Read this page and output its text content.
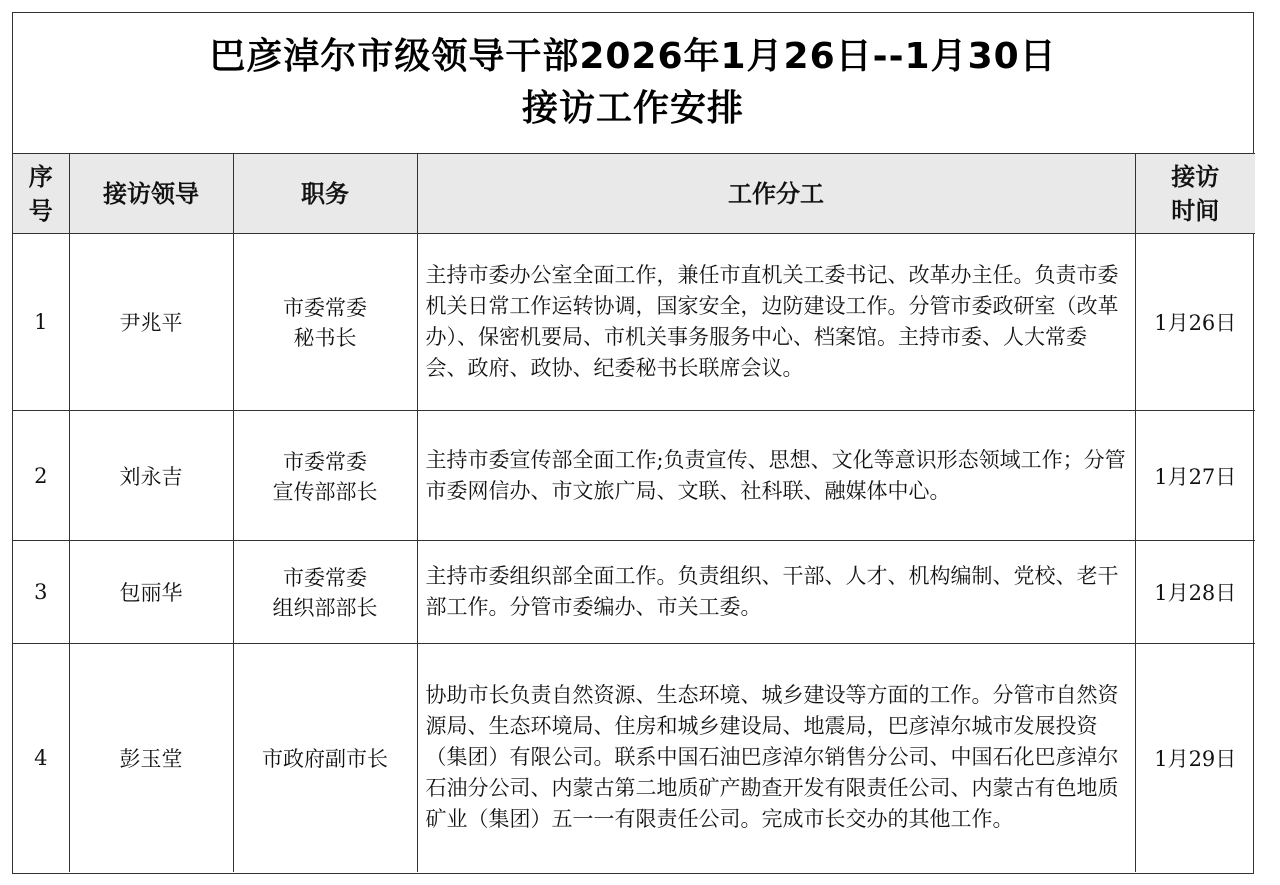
巴彦淖尔市级领导干部2026年1月26日--1月30日
接访工作安排
序
号	接访领导	职务	工作分工	接访
时间

1	尹兆平	市委常委
秘书长	主持市委办公室全面工作，兼任市直机关工委书记、改革办主任。负责市委机关日常工作运转协调，国家安全，边防建设工作。分管市委政研室（改革办）、保密机要局、市机关事务服务中心、档案馆。主持市委、人大常委会、政府、政协、纪委秘书长联席会议。	1月26日
2	刘永吉	市委常委
宣传部部长	主持市委宣传部全面工作;负责宣传、思想、文化等意识形态领域工作；分管市委网信办、市文旅广局、文联、社科联、融媒体中心。	1月27日
3	包丽华	市委常委
组织部部长	主持市委组织部全面工作。负责组织、干部、人才、机构编制、党校、老干部工作。分管市委编办、市关工委。	1月28日
4	彭玉堂	市政府副市长	协助市长负责自然资源、生态环境、城乡建设等方面的工作。分管市自然资源局、生态环境局、住房和城乡建设局、地震局，巴彦淖尔城市发展投资（集团）有限公司。联系中国石油巴彦淖尔销售分公司、中国石化巴彦淖尔石油分公司、内蒙古第二地质矿产勘查开发有限责任公司、内蒙古有色地质矿业（集团）五一一有限责任公司。完成市长交办的其他工作。	1月29日
